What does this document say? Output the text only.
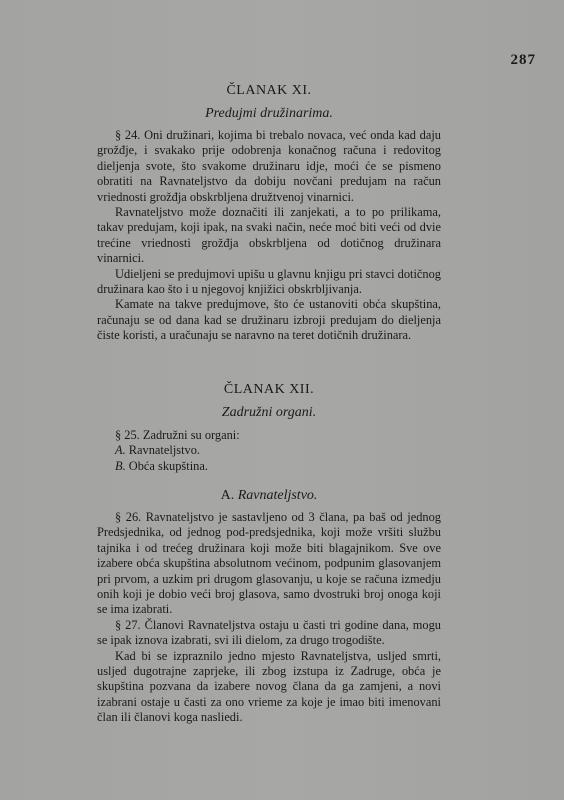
287
ČLANAK XI.
Predujmi družinarima.

§ 24. Oni družinari, kojima bi trebalo novaca, već onda kad daju grožđje, i svakako prije odobrenja konačnog računa i redovitog dieljenja svote, što svakome družinaru idje, moći će se pismeno obratiti na Ravnateljstvo da dobiju novčani predujam na račun vriednosti grožđja obskrbljena družtvenoj vinarnici.

Ravnateljstvo može doznačiti ili zanjekati, a to po prilikama, takav predujam, koji ipak, na svaki način, neće moć biti veći od dvie trećine vriednosti grožđja obskrbljena od dotičnog družinara vinarnici.

Udieljeni se predujmovi upišu u glavnu knjigu pri stavci dotičnog družinara kao što i u njegovoj knjižici obskrbljivanja.

Kamate na takve predujmove, što će ustanoviti obća skupština, računaju se od dana kad se družinaru izbroji predujam do dieljenja čiste koristi, a uračunaju se naravno na teret dotičnih družinara.

ČLANAK XII.
Zadružni organi.
§ 25. Zadružni su organi:
A. Ravnateljstvo.
B. Obća skupština.
A. Ravnateljstvo.

§ 26. Ravnateljstvo je sastavljeno od 3 člana, pa baš od jednog Predsjednika, od jednog pod-predsjednika, koji može vršiti službu tajnika i od trećeg družinara koji može biti blagajnikom. Sve ove izabere obća skupština absolutnom većinom, podpunim glasovanjem pri prvom, a uzkim pri drugom glasovanju, u koje se računa izmedju onih koji je dobio veći broj glasova, samo dvostruki broj onoga koji se ima izabrati.

§ 27. Članovi Ravnateljstva ostaju u časti tri godine dana, mogu se ipak iznova izabrati, svi ili dielom, za drugo trogodište.

Kad bi se izpraznilo jedno mjesto Ravnateljstva, usljed smrti, usljed dugotrajne zaprjeke, ili zbog izstupa iz Zadruge, obća je skupština pozvana da izabere novog člana da ga zamjeni, a novi izabrani ostaje u časti za ono vrieme za koje je imao biti imenovani član ili članovi koga nasliedi.
